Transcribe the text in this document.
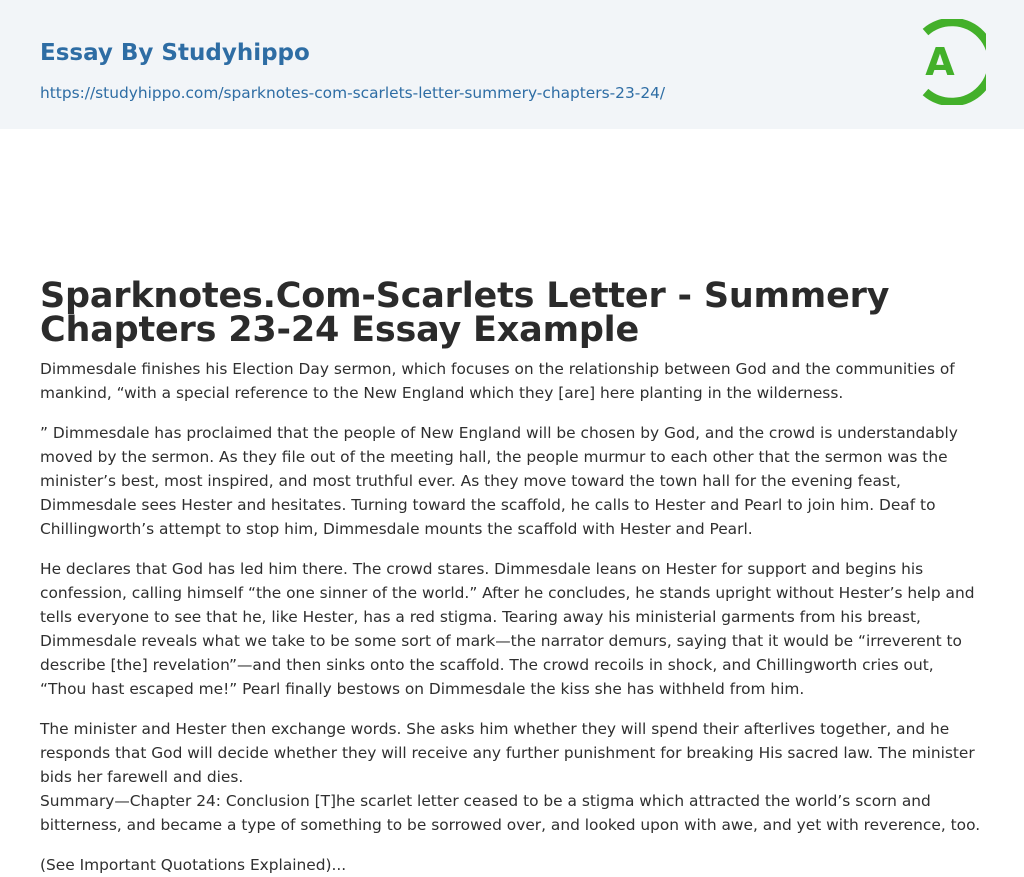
Essay By Studyhippo
https://studyhippo.com/sparknotes-com-scarlets-letter-summery-chapters-23-24/
A
Sparknotes.Com-Scarlets Letter - Summery Chapters 23-24 Essay Example

Dimmesdale finishes his Election Day sermon, which focuses on the relationship between God and the communities of mankind, “with a special reference to the New England which they [are] here planting in the wilderness.

” Dimmesdale has proclaimed that the people of New England will be chosen by God, and the crowd is understandably moved by the sermon. As they file out of the meeting hall, the people murmur to each other that the sermon was the minister’s best, most inspired, and most truthful ever. As they move toward the town hall for the evening feast, Dimmesdale sees Hester and hesitates. Turning toward the scaffold, he calls to Hester and Pearl to join him. Deaf to Chillingworth’s attempt to stop him, Dimmesdale mounts the scaffold with Hester and Pearl.

He declares that God has led him there. The crowd stares. Dimmesdale leans on Hester for support and begins his confession, calling himself “the one sinner of the world.” After he concludes, he stands upright without Hester’s help and tells everyone to see that he, like Hester, has a red stigma. Tearing away his ministerial garments from his breast, Dimmesdale reveals what we take to be some sort of mark—the narrator demurs, saying that it would be “irreverent to describe [the] revelation”—and then sinks onto the scaffold. The crowd recoils in shock, and Chillingworth cries out, “Thou hast escaped me!” Pearl finally bestows on Dimmesdale the kiss she has withheld from him.

The minister and Hester then exchange words. She asks him whether they will spend their afterlives together, and he responds that God will decide whether they will receive any further punishment for breaking His sacred law. The minister bids her farewell and dies.

Summary—Chapter 24: Conclusion [T]he scarlet letter ceased to be a stigma which attracted the world’s scorn and bitterness, and became a type of something to be sorrowed over, and looked upon with awe, and yet with reverence, too.

(See Important Quotations Explained)...
